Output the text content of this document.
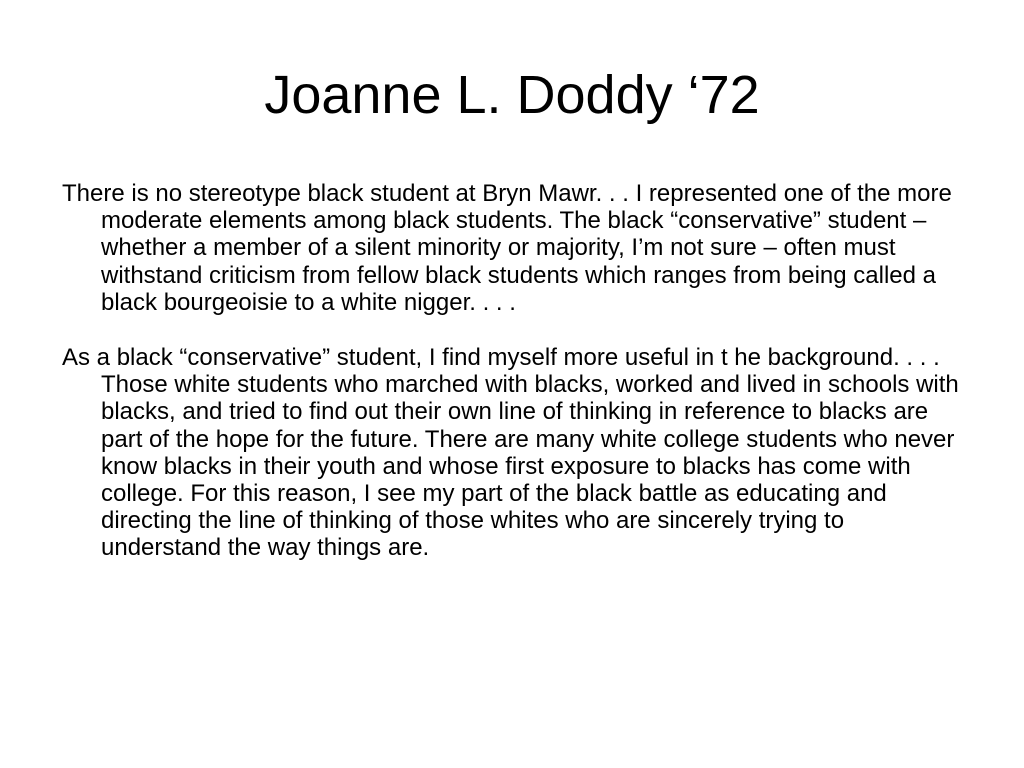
Joanne L. Doddy ‘72

There is no stereotype black student at Bryn Mawr. . . I represented one of the more moderate elements among black students. The black “conservative” student – whether a member of a silent minority or majority, I’m not sure – often must withstand criticism from fellow black students which ranges from being called a black bourgeoisie to a white nigger. . . .

As a black “conservative” student, I find myself more useful in t he background. . . . Those white students who marched with blacks, worked and lived in schools with blacks, and tried to find out their own line of thinking in reference to blacks are part of the hope for the future. There are many white college students who never know blacks in their youth and whose first exposure to blacks has come with college. For this reason, I see my part of the black battle as educating and directing the line of thinking of those whites who are sincerely trying to understand the way things are.
